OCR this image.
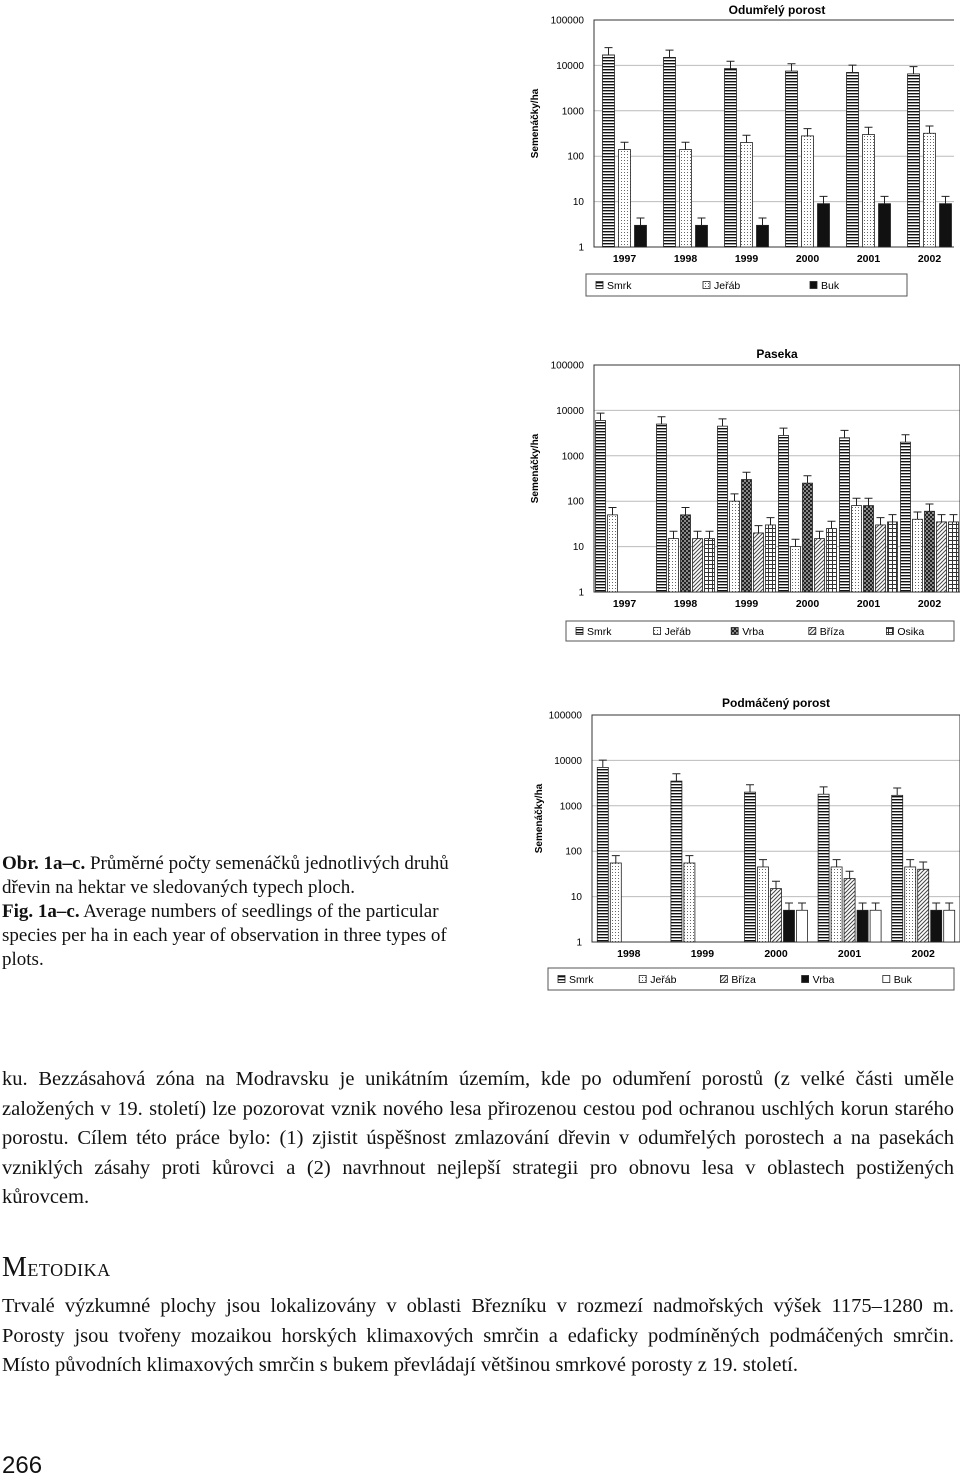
Odumřelý porost
Semenáčky/ha
100000
10000
1000
100
10
1
1997	1998	1999	2000	2001	2002
Smrk	Jeřáb	Buk
Paseka
Semenáčky/ha
100000
10000
1000
100
10
1
1997	1998	1999	2000	2001	2002
Smrk	Jeřáb	Vrba	Bříza	Osika
Podmáčený porost
Semenáčky/ha
100000
10000
1000
100
10
1
1998	1999	2000	2001	2002
Smrk	Jeřáb	Bříza	Vrba	Buk

Obr. 1a–c. Průměrné počty semenáčků jednotlivých druhů dřevin na hektar ve sledovaných typech ploch.

Fig. 1a–c. Average numbers of seedlings of the particular species per ha in each year of observation in three types of plots.

ku. Bezzásahová zóna na Modravsku je unikátním územím, kde po odumření porostů (z velké části uměle založených v 19. století) lze pozorovat vznik nového lesa přirozenou cestou pod ochranou uschlých korun starého porostu. Cílem této práce bylo: (1) zjistit úspěšnost zmlazování dřevin v odumřelých porostech a na pasekách vzniklých zásahy proti kůrovci a (2) navrhnout nejlepší strategii pro obnovu lesa v oblastech postižených kůrovcem.
Metodika
Trvalé výzkumné plochy jsou lokalizovány v oblasti Březníku v rozmezí nadmořských výšek 1175–1280 m. Porosty jsou tvořeny mozaikou horských klimaxových smrčin a edaficky podmíněných podmáčených smrčin. Místo původních klimaxových smrčin s bukem převládají většinou smrkové porosty z 19. století.
266
